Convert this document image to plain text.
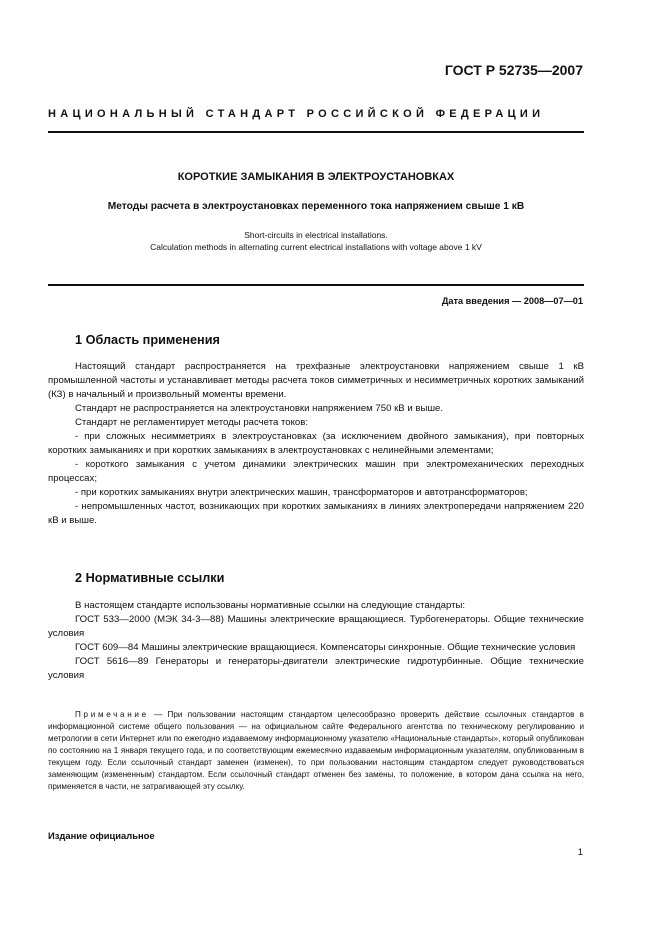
ГОСТ Р 52735—2007
НАЦИОНАЛЬНЫЙ СТАНДАРТ РОССИЙСКОЙ ФЕДЕРАЦИИ
КОРОТКИЕ ЗАМЫКАНИЯ В ЭЛЕКТРОУСТАНОВКАХ
Методы расчета в электроустановках переменного тока напряжением свыше 1 кВ
Short-circuits in electrical installations.
Calculation methods in alternating current electrical installations with voltage above 1 kV
Дата введения — 2008—07—01
1 Область применения

Настоящий стандарт распространяется на трехфазные электроустановки напряжением свыше 1 кВ промышленной частоты и устанавливает методы расчета токов симметричных и несимметричных коротких замыканий (КЗ) в начальный и произвольный моменты времени.

Стандарт не распространяется на электроустановки напряжением 750 кВ и выше.

Стандарт не регламентирует методы расчета токов:

- при сложных несимметриях в электроустановках (за исключением двойного замыкания), при повторных коротких замыканиях и при коротких замыканиях в электроустановках с нелинейными элементами;

- короткого замыкания с учетом динамики электрических машин при электромеханических переходных процессах;

- при коротких замыканиях внутри электрических машин, трансформаторов и автотрансформаторов;

- непромышленных частот, возникающих при коротких замыканиях в линиях электропередачи напряжением 220 кВ и выше.

2 Нормативные ссылки

В настоящем стандарте использованы нормативные ссылки на следующие стандарты:

ГОСТ 533—2000 (МЭК 34-3—88) Машины электрические вращающиеся. Турбогенераторы. Общие технические условия

ГОСТ 609—84 Машины электрические вращающиеся. Компенсаторы синхронные. Общие технические условия

ГОСТ 5616—89 Генераторы и генераторы-двигатели электрические гидротурбинные. Общие технические условия

Примечание — При пользовании настоящим стандартом целесообразно проверить действие ссылочных стандартов в информационной системе общего пользования — на официальном сайте Федерального агентства по техническому регулированию и метрологии в сети Интернет или по ежегодно издаваемому информационному указателю «Национальные стандарты», который опубликован по состоянию на 1 января текущего года, и по соответствующим ежемесячно издаваемым информационным указателям, опубликованным в текущем году. Если ссылочный стандарт заменен (изменен), то при пользовании настоящим стандартом следует руководствоваться заменяющим (измененным) стандартом. Если ссылочный стандарт отменен без замены, то положение, в котором дана ссылка на него, применяется в части, не затрагивающей эту ссылку.

Издание официальное
1
